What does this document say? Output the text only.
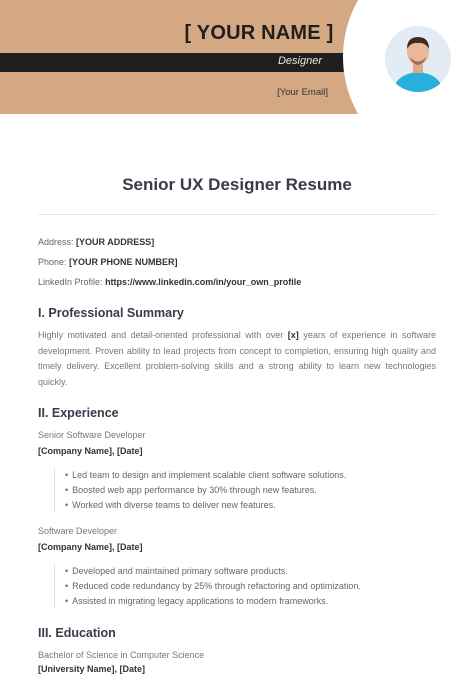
[ YOUR NAME ]
Designer
[Your Email]
Senior UX Designer Resume
Address: [YOUR ADDRESS]
Phone: [YOUR PHONE NUMBER]
LinkedIn Profile: https://www.linkedin.com/in/your_own_profile
I. Professional Summary
Highly motivated and detail-oriented professional with over [x] years of experience in software development. Proven ability to lead projects from concept to completion, ensuring high quality and timely delivery. Excellent problem-solving skills and a strong ability to learn new technologies quickly.
II. Experience
Senior Software Developer
[Company Name], [Date]
• Led team to design and implement scalable client software solutions.
• Boosted web app performance by 30% through new features.
• Worked with diverse teams to deliver new features.
Software Developer
[Company Name], [Date]
• Developed and maintained primary software products.
• Reduced code redundancy by 25% through refactoring and optimization.
• Assisted in migrating legacy applications to modern frameworks.
III. Education
Bachelor of Science in Computer Science
[University Name], [Date]
